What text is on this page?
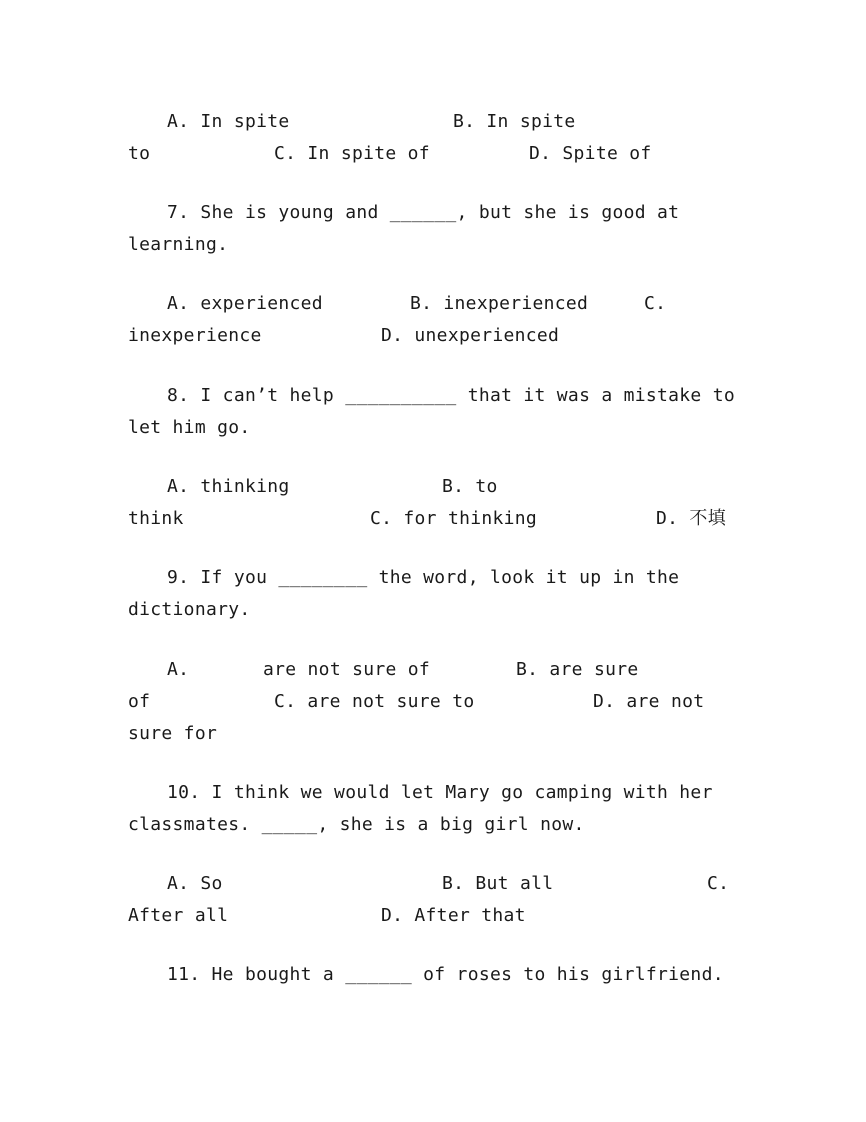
A. In spite	B. In spite
to	C. In spite of	D. Spite of
7. She is young and ______, but she is good at
learning.
A. experienced	B. inexperienced	C.
inexperience	D. unexperienced
8. I can’t help __________ that it was a mistake to
let him go.
A. thinking	B. to
think	C. for thinking	D. 不填
9. If you ________ the word, look it up in the
dictionary.
A.	are not sure of	B. are sure
of	C. are not sure to	D. are not
sure for
10. I think we would let Mary go camping with her
classmates. _____, she is a big girl now.
A. So	B. But all	C.
After all	D. After that
11. He bought a ______ of roses to his girlfriend.
